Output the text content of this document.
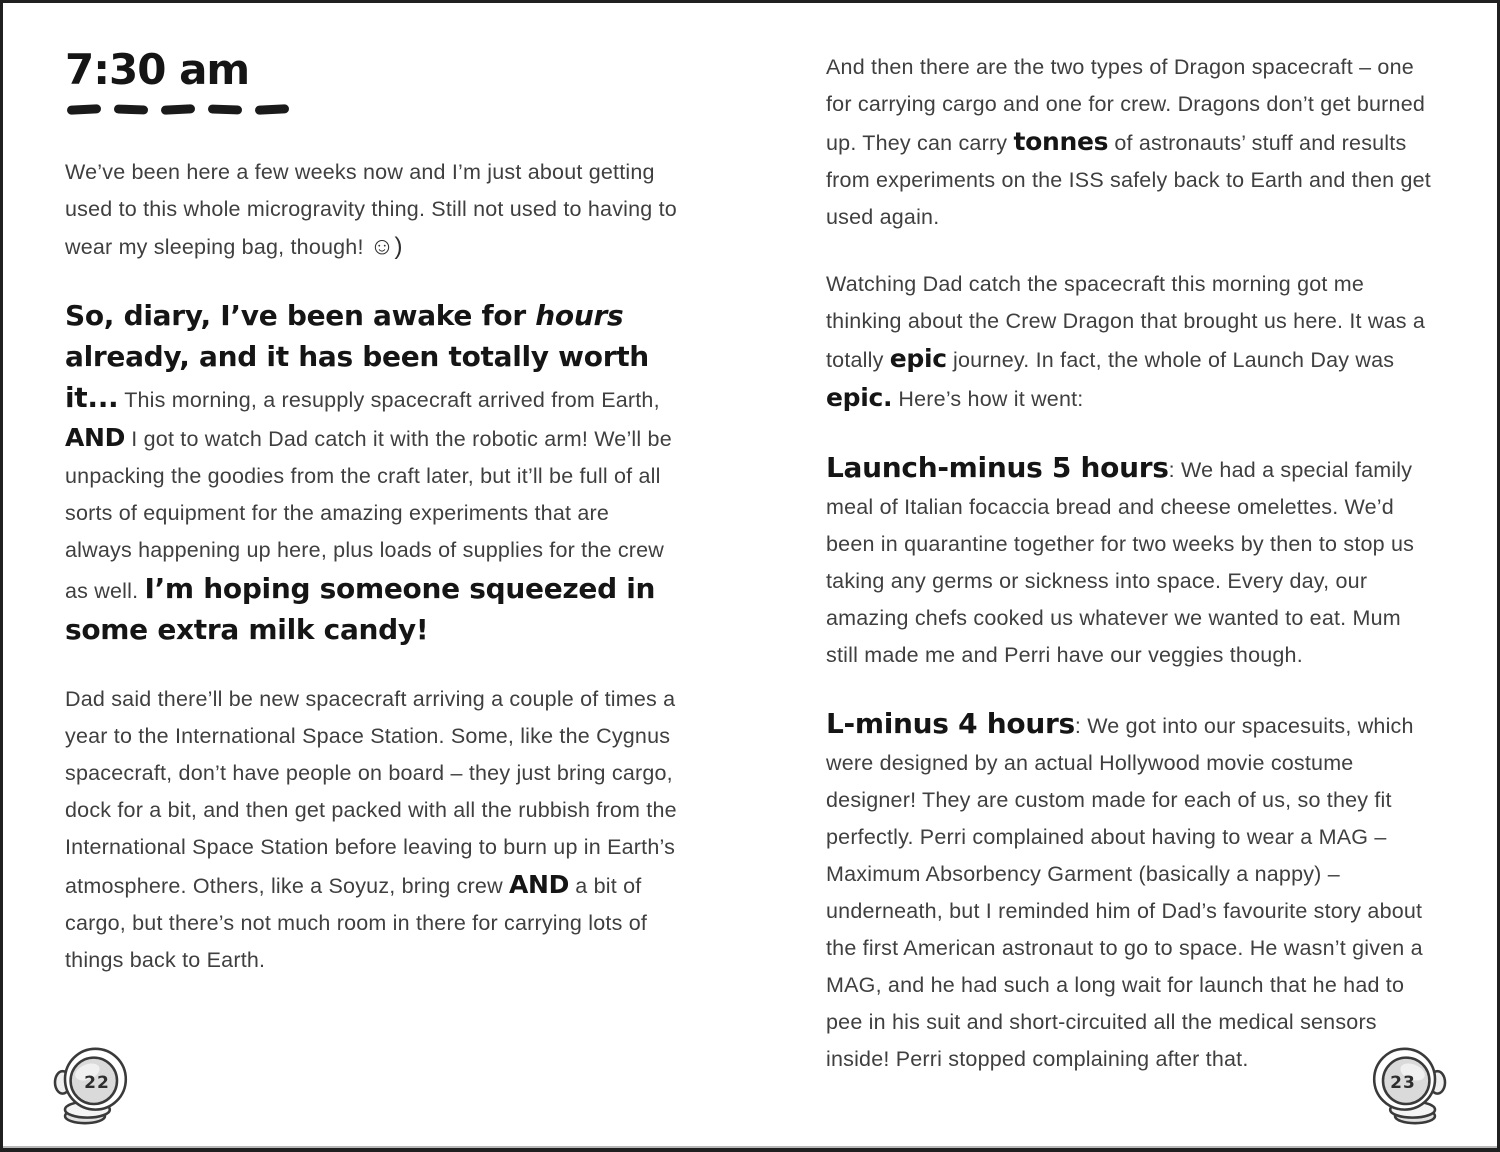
7:30 am

We’ve been here a few weeks now and I’m just about getting used to this whole microgravity thing. Still not used to having to wear my sleeping bag, though! ☺)

So, diary, I’ve been awake for hours already, and it has been totally worth it... This morning, a resupply spacecraft arrived from Earth, AND I got to watch Dad catch it with the robotic arm! We’ll be unpacking the goodies from the craft later, but it’ll be full of all sorts of equipment for the amazing experiments that are always happening up here, plus loads of supplies for the crew as well. I’m hoping someone squeezed in some extra milk candy!

Dad said there’ll be new spacecraft arriving a couple of times a year to the International Space Station. Some, like the Cygnus spacecraft, don’t have people on board – they just bring cargo, dock for a bit, and then get packed with all the rubbish from the International Space Station before leaving to burn up in Earth’s atmosphere. Others, like a Soyuz, bring crew AND a bit of cargo, but there’s not much room in there for carrying lots of things back to Earth.

22

And then there are the two types of Dragon spacecraft – one for carrying cargo and one for crew. Dragons don’t get burned up. They can carry tonnes of astronauts’ stuff and results from experiments on the ISS safely back to Earth and then get used again.

Watching Dad catch the spacecraft this morning got me thinking about the Crew Dragon that brought us here. It was a totally epic journey. In fact, the whole of Launch Day was epic. Here’s how it went:

Launch-minus 5 hours: We had a special family meal of Italian focaccia bread and cheese omelettes. We’d been in quarantine together for two weeks by then to stop us taking any germs or sickness into space. Every day, our amazing chefs cooked us whatever we wanted to eat. Mum still made me and Perri have our veggies though.

L-minus 4 hours: We got into our spacesuits, which were designed by an actual Hollywood movie costume designer! They are custom made for each of us, so they fit perfectly. Perri complained about having to wear a MAG – Maximum Absorbency Garment (basically a nappy) – underneath, but I reminded him of Dad’s favourite story about the first American astronaut to go to space. He wasn’t given a MAG, and he had such a long wait for launch that he had to pee in his suit and short-circuited all the medical sensors inside! Perri stopped complaining after that.

23
